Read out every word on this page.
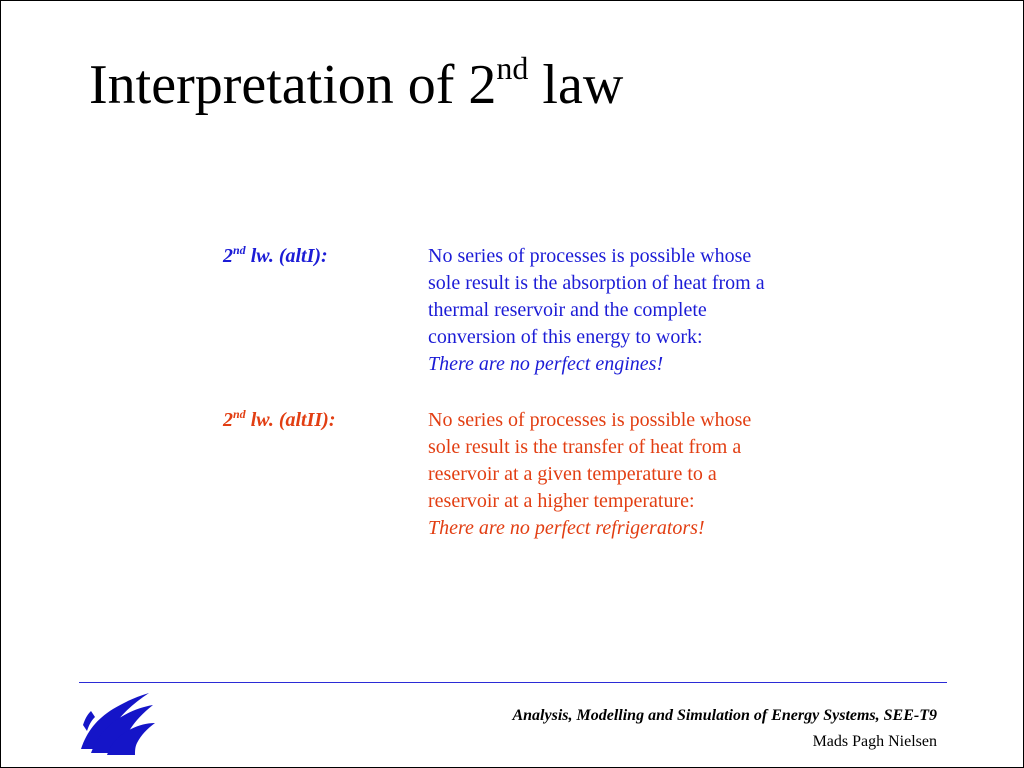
Interpretation of 2nd law
2nd lw. (altI):	No series of processes is possible whose
sole result is the absorption of heat from a
thermal reservoir and the complete
conversion of this energy to work:
There are no perfect engines!
2nd lw. (altII):	No series of processes is possible whose
sole result is the transfer of heat from a
reservoir at a given temperature to a
reservoir at a higher temperature:
There are no perfect refrigerators!
Analysis, Modelling and Simulation of Energy Systems, SEE-T9
Mads Pagh Nielsen
